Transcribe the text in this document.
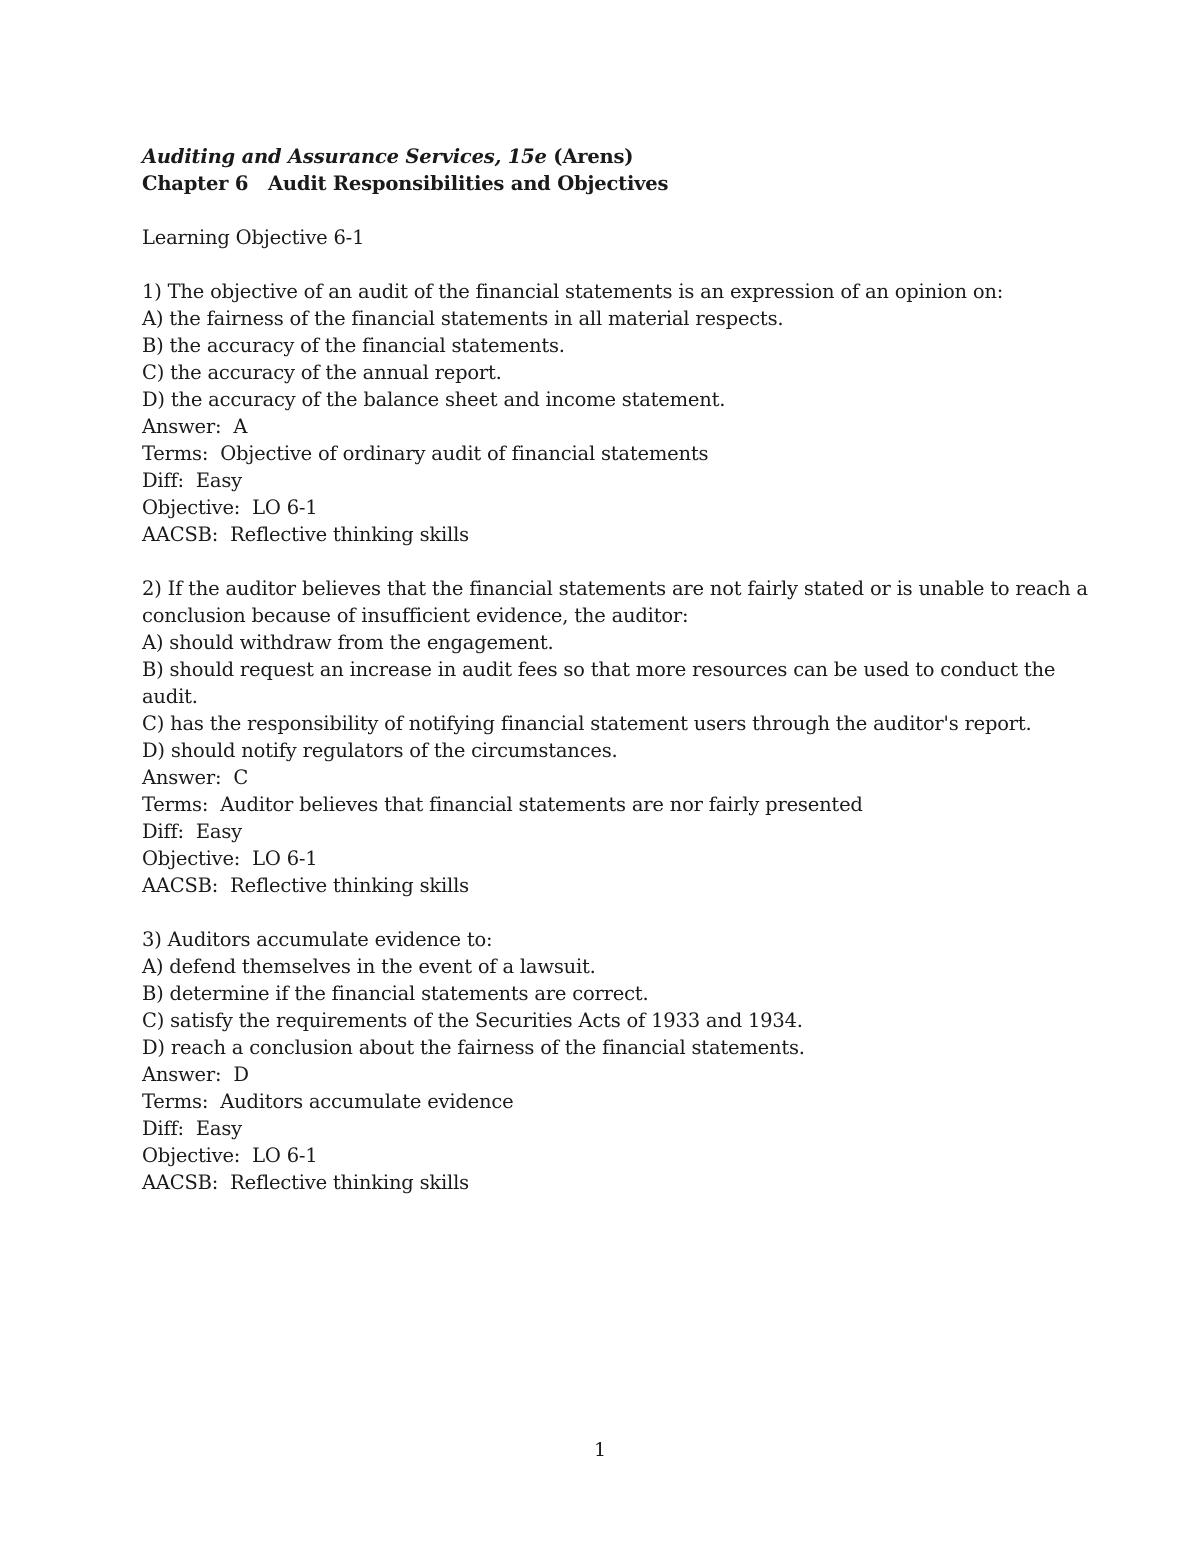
Auditing and Assurance Services, 15e (Arens)
Chapter 6   Audit Responsibilities and Objectives
Learning Objective 6-1
1) The objective of an audit of the financial statements is an expression of an opinion on:
A) the fairness of the financial statements in all material respects.
B) the accuracy of the financial statements.
C) the accuracy of the annual report.
D) the accuracy of the balance sheet and income statement.
Answer:  A
Terms:  Objective of ordinary audit of financial statements
Diff:  Easy
Objective:  LO 6-1
AACSB:  Reflective thinking skills
2) If the auditor believes that the financial statements are not fairly stated or is unable to reach a
conclusion because of insufficient evidence, the auditor:
A) should withdraw from the engagement.
B) should request an increase in audit fees so that more resources can be used to conduct the
audit.
C) has the responsibility of notifying financial statement users through the auditor's report.
D) should notify regulators of the circumstances.
Answer:  C
Terms:  Auditor believes that financial statements are nor fairly presented
Diff:  Easy
Objective:  LO 6-1
AACSB:  Reflective thinking skills
3) Auditors accumulate evidence to:
A) defend themselves in the event of a lawsuit.
B) determine if the financial statements are correct.
C) satisfy the requirements of the Securities Acts of 1933 and 1934.
D) reach a conclusion about the fairness of the financial statements.
Answer:  D
Terms:  Auditors accumulate evidence
Diff:  Easy
Objective:  LO 6-1
AACSB:  Reflective thinking skills
1
